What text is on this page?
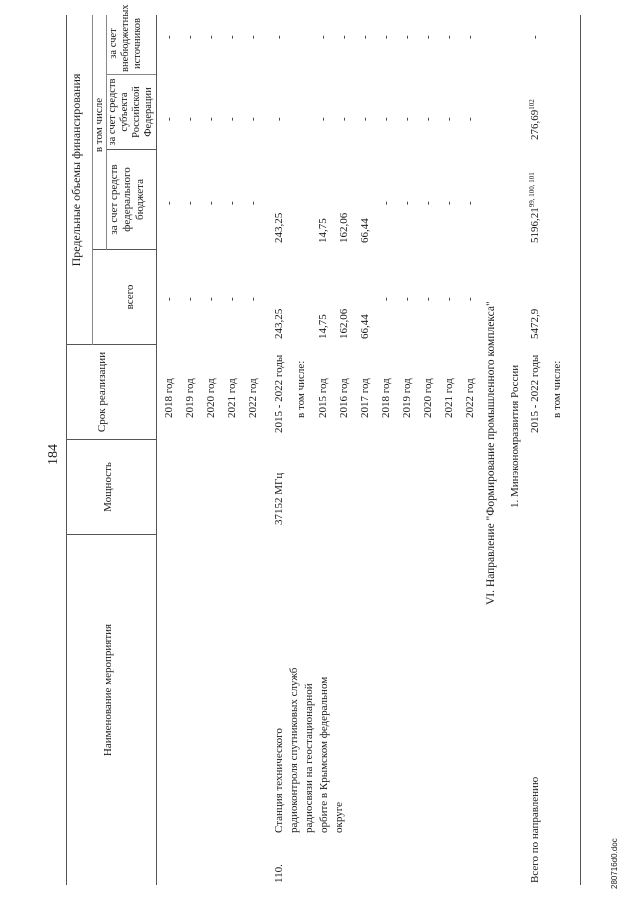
184
Наименование мероприятия
Мощность
Срок реализации
Предельные объемы финансирования в том числе
всего
за счет средств федерального бюджета
за счет средств субъекта Российской Федерации
за счет внебюджетных источников
2018 год
-
-
-
-
2019 год
-
-
-
-
2020 год
-
-
-
-
2021 год
-
-
-
-
2022 год
-
-
-
-
110.
Станция технического радиоконтроля спутниковых служб радиосвязи на геостационарной орбите в Крымском федеральном округе
37152 МГц
2015 - 2022 годы
243,25
243,25
-
-
в том числе: 2015 год
14,75
14,75
-
-
2016 год
162,06
162,06
-
-
2017 год
66,44
66,44
-
-
2018 год
-
-
-
-
2019 год
-
-
-
-
2020 год
-
-
-
-
2021 год
-
-
-
-
2022 год
-
-
-
-
VI. Направление "Формирование промышленного комплекса" 1. Минэкономразвития России
Всего по направлению
2015 - 2022 годы
5472,9
5196,21$^{99, 100, 101}$
276,69$^{102}$
-
в том числе:
280716d0.doc
